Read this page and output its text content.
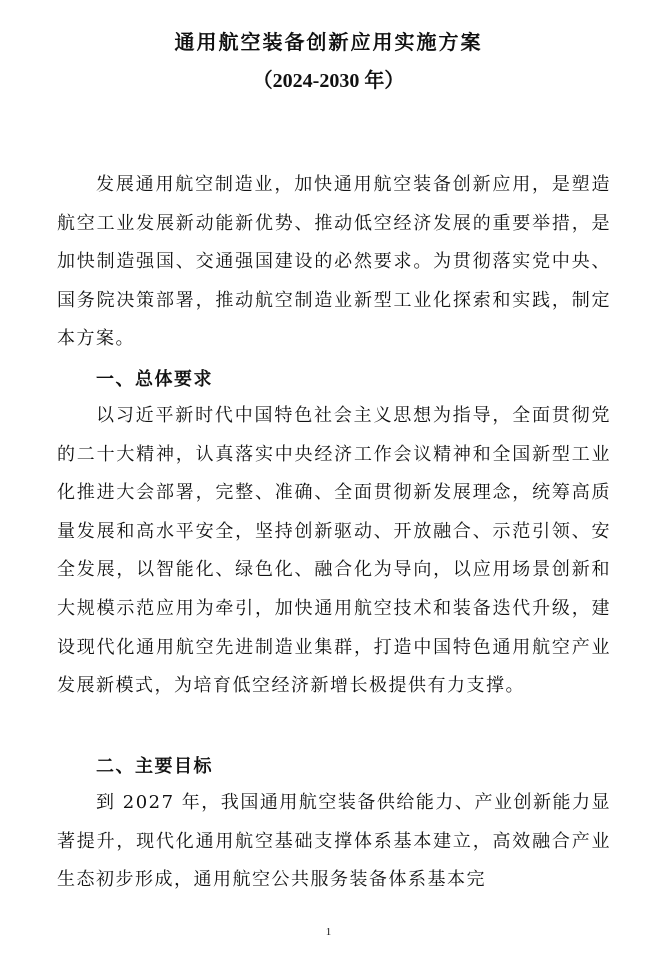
通用航空装备创新应用实施方案
（2024-2030 年）

发展通用航空制造业，加快通用航空装备创新应用，是塑造航空工业发展新动能新优势、推动低空经济发展的重要举措，是加快制造强国、交通强国建设的必然要求。为贯彻落实党中央、国务院决策部署，推动航空制造业新型工业化探索和实践，制定本方案。

一、总体要求

以习近平新时代中国特色社会主义思想为指导，全面贯彻党的二十大精神，认真落实中央经济工作会议精神和全国新型工业化推进大会部署，完整、准确、全面贯彻新发展理念，统筹高质量发展和高水平安全，坚持创新驱动、开放融合、示范引领、安全发展，以智能化、绿色化、融合化为导向，以应用场景创新和大规模示范应用为牵引，加快通用航空技术和装备迭代升级，建设现代化通用航空先进制造业集群，打造中国特色通用航空产业发展新模式，为培育低空经济新增长极提供有力支撑。

二、主要目标

到 2027 年，我国通用航空装备供给能力、产业创新能力显著提升，现代化通用航空基础支撑体系基本建立，高效融合产业生态初步形成，通用航空公共服务装备体系基本完

1
